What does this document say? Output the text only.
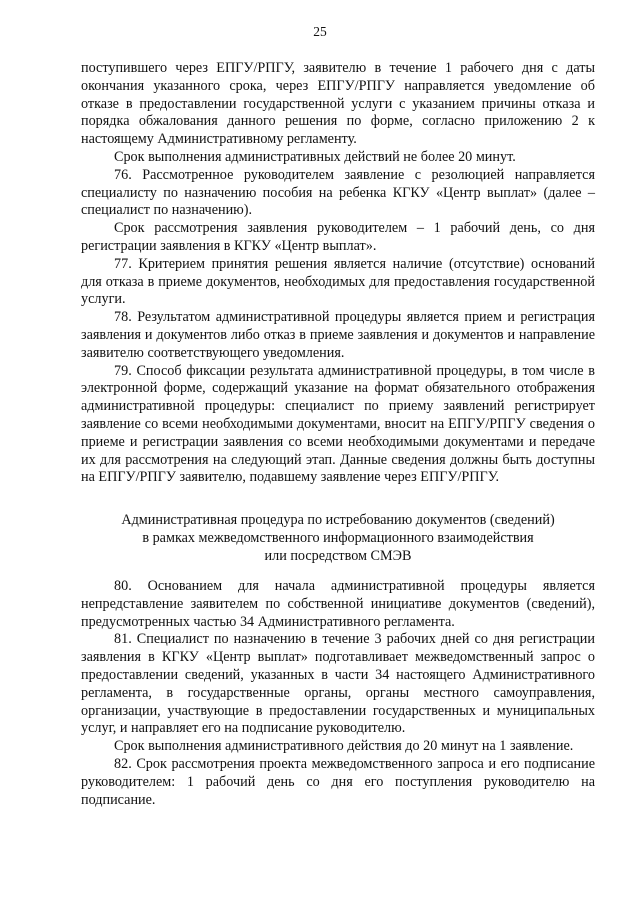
25

поступившего через ЕПГУ/РПГУ, заявителю в течение 1 рабочего дня с даты окончания указанного срока, через ЕПГУ/РПГУ направляется уведомление об отказе в предоставлении государственной услуги с указанием причины отказа и порядка обжалования данного решения по форме, согласно приложению 2 к настоящему Административному регламенту.

Срок выполнения административных действий не более 20 минут.

76. Рассмотренное руководителем заявление с резолюцией направляется специалисту по назначению пособия на ребенка КГКУ «Центр выплат» (далее – специалист по назначению).

Срок рассмотрения заявления руководителем – 1 рабочий день, со дня регистрации заявления в КГКУ «Центр выплат».

77. Критерием принятия решения является наличие (отсутствие) оснований для отказа в приеме документов, необходимых для предоставления государственной услуги.

78. Результатом административной процедуры является прием и регистрация заявления и документов либо отказ в приеме заявления и документов и направление заявителю соответствующего уведомления.

79. Способ фиксации результата административной процедуры, в том числе в электронной форме, содержащий указание на формат обязательного отображения административной процедуры: специалист по приему заявлений регистрирует заявление со всеми необходимыми документами, вносит на ЕПГУ/РПГУ сведения о приеме и регистрации заявления со всеми необходимыми документами и передаче их для рассмотрения на следующий этап. Данные сведения должны быть доступны на ЕПГУ/РПГУ заявителю, подавшему заявление через ЕПГУ/РПГУ.

Административная процедура по истребованию документов (сведений)
в рамках межведомственного информационного взаимодействия
или посредством СМЭВ

80. Основанием для начала административной процедуры является непредставление заявителем по собственной инициативе документов (сведений), предусмотренных частью 34 Административного регламента.

81. Специалист по назначению в течение 3 рабочих дней со дня регистрации заявления в КГКУ «Центр выплат» подготавливает межведомственный запрос о предоставлении сведений, указанных в части 34 настоящего Административного регламента, в государственные органы, органы местного самоуправления, организации, участвующие в предоставлении государственных и муниципальных услуг, и направляет его на подписание руководителю.

Срок выполнения административного действия до 20 минут на 1 заявление.

82. Срок рассмотрения проекта межведомственного запроса и его подписание руководителем: 1 рабочий день со дня его поступления руководителю на подписание.
